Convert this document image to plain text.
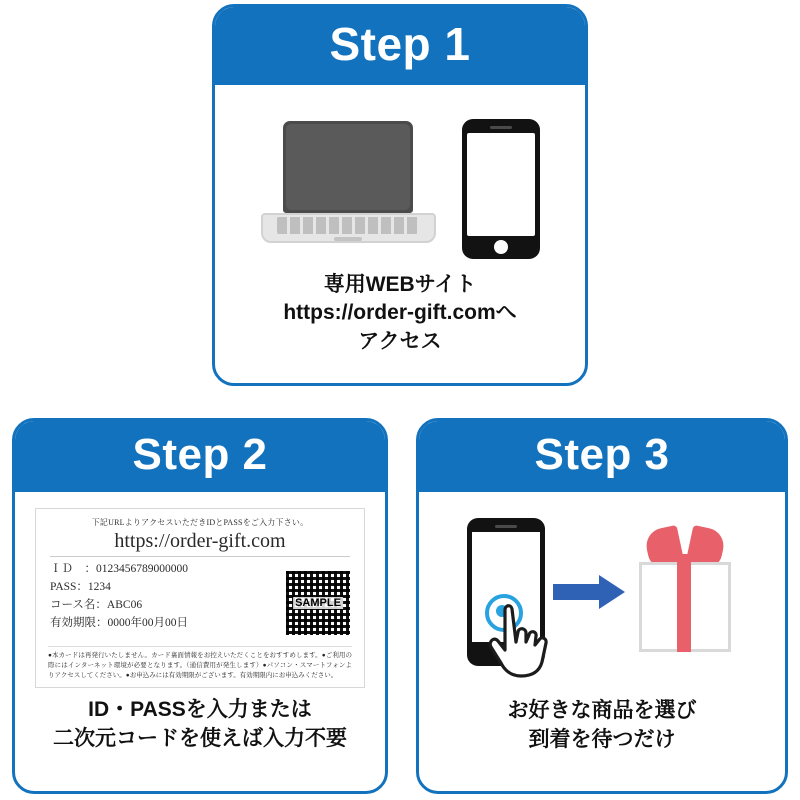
Step 1
専用WEBサイト
https://order-gift.comへ
アクセス
Step 2
下記URLよりアクセスいただきIDとPASSをご入力下さい。
https://order-gift.com
ＩＤ　：0123456789000000
PASS：1234
コース名：ABC06
有効期限：0000年00月00日
SAMPLE
●本カードは再発行いたしません。カード裏面情報をお控えいただくことをおすすめします。●ご利用の際にはインターネット環境が必要となります。（通信費用が発生します）●パソコン・スマートフォンよりアクセスしてください。●お申込みには有効期限がございます。有効期限内にお申込みください。
ID・PASSを入力または
二次元コードを使えば入力不要
Step 3
お好きな商品を選び
到着を待つだけ
